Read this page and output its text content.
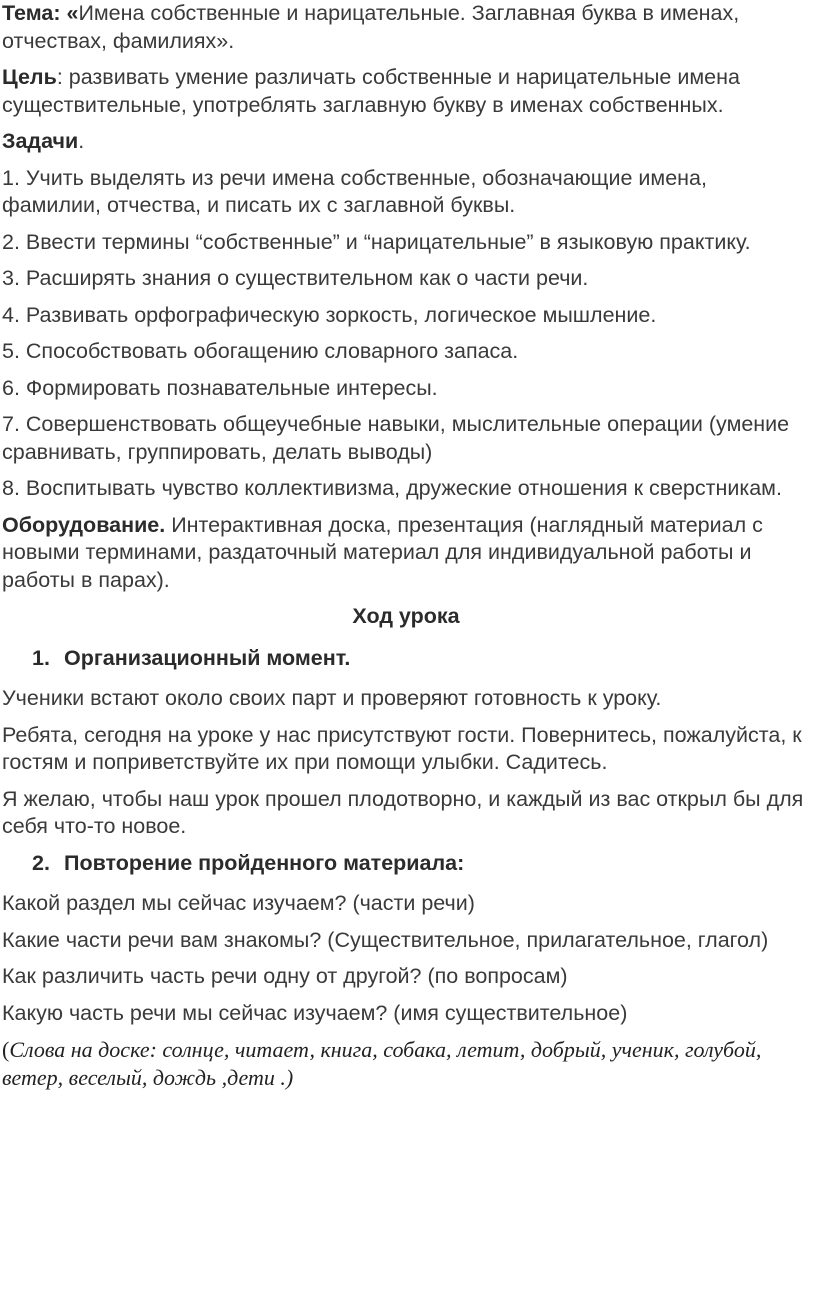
Тема: «Имена собственные и нарицательные. Заглавная буква в именах, отчествах, фамилиях».

Цель: развивать умение различать собственные и нарицательные имена существительные, употреблять заглавную букву в именах собственных.

Задачи.

1. Учить выделять из речи имена собственные, обозначающие имена, фамилии, отчества, и писать их с заглавной буквы.

2. Ввести термины “собственные” и “нарицательные” в языковую практику.

3. Расширять знания о существительном как о части речи.

4. Развивать орфографическую зоркость, логическое мышление.

5. Способствовать обогащению словарного запаса.

6. Формировать познавательные интересы.

7. Совершенствовать общеучебные навыки, мыслительные операции (умение сравнивать, группировать, делать выводы)

8. Воспитывать чувство коллективизма, дружеские отношения к сверстникам.

Оборудование. Интерактивная доска, презентация (наглядный материал с новыми терминами, раздаточный материал для индивидуальной работы и работы в парах).

Ход урока

1. Организационный момент.

Ученики встают около своих парт и проверяют готовность к уроку.

Ребята, сегодня на уроке у нас присутствуют гости. Повернитесь, пожалуйста, к гостям и поприветствуйте их при помощи улыбки. Садитесь.

Я желаю, чтобы наш урок прошел плодотворно, и каждый из вас открыл бы для себя что-то новое.

2. Повторение пройденного материала:

Какой раздел мы сейчас изучаем? (части речи)

Какие части речи вам знакомы? (Существительное, прилагательное, глагол)

Как различить часть речи одну от другой? (по вопросам)

Какую часть речи мы сейчас изучаем? (имя существительное)

(Слова на доске: солнце, читает, книга, собака, летит, добрый, ученик, голубой, ветер, веселый, дождь ,дети .)
